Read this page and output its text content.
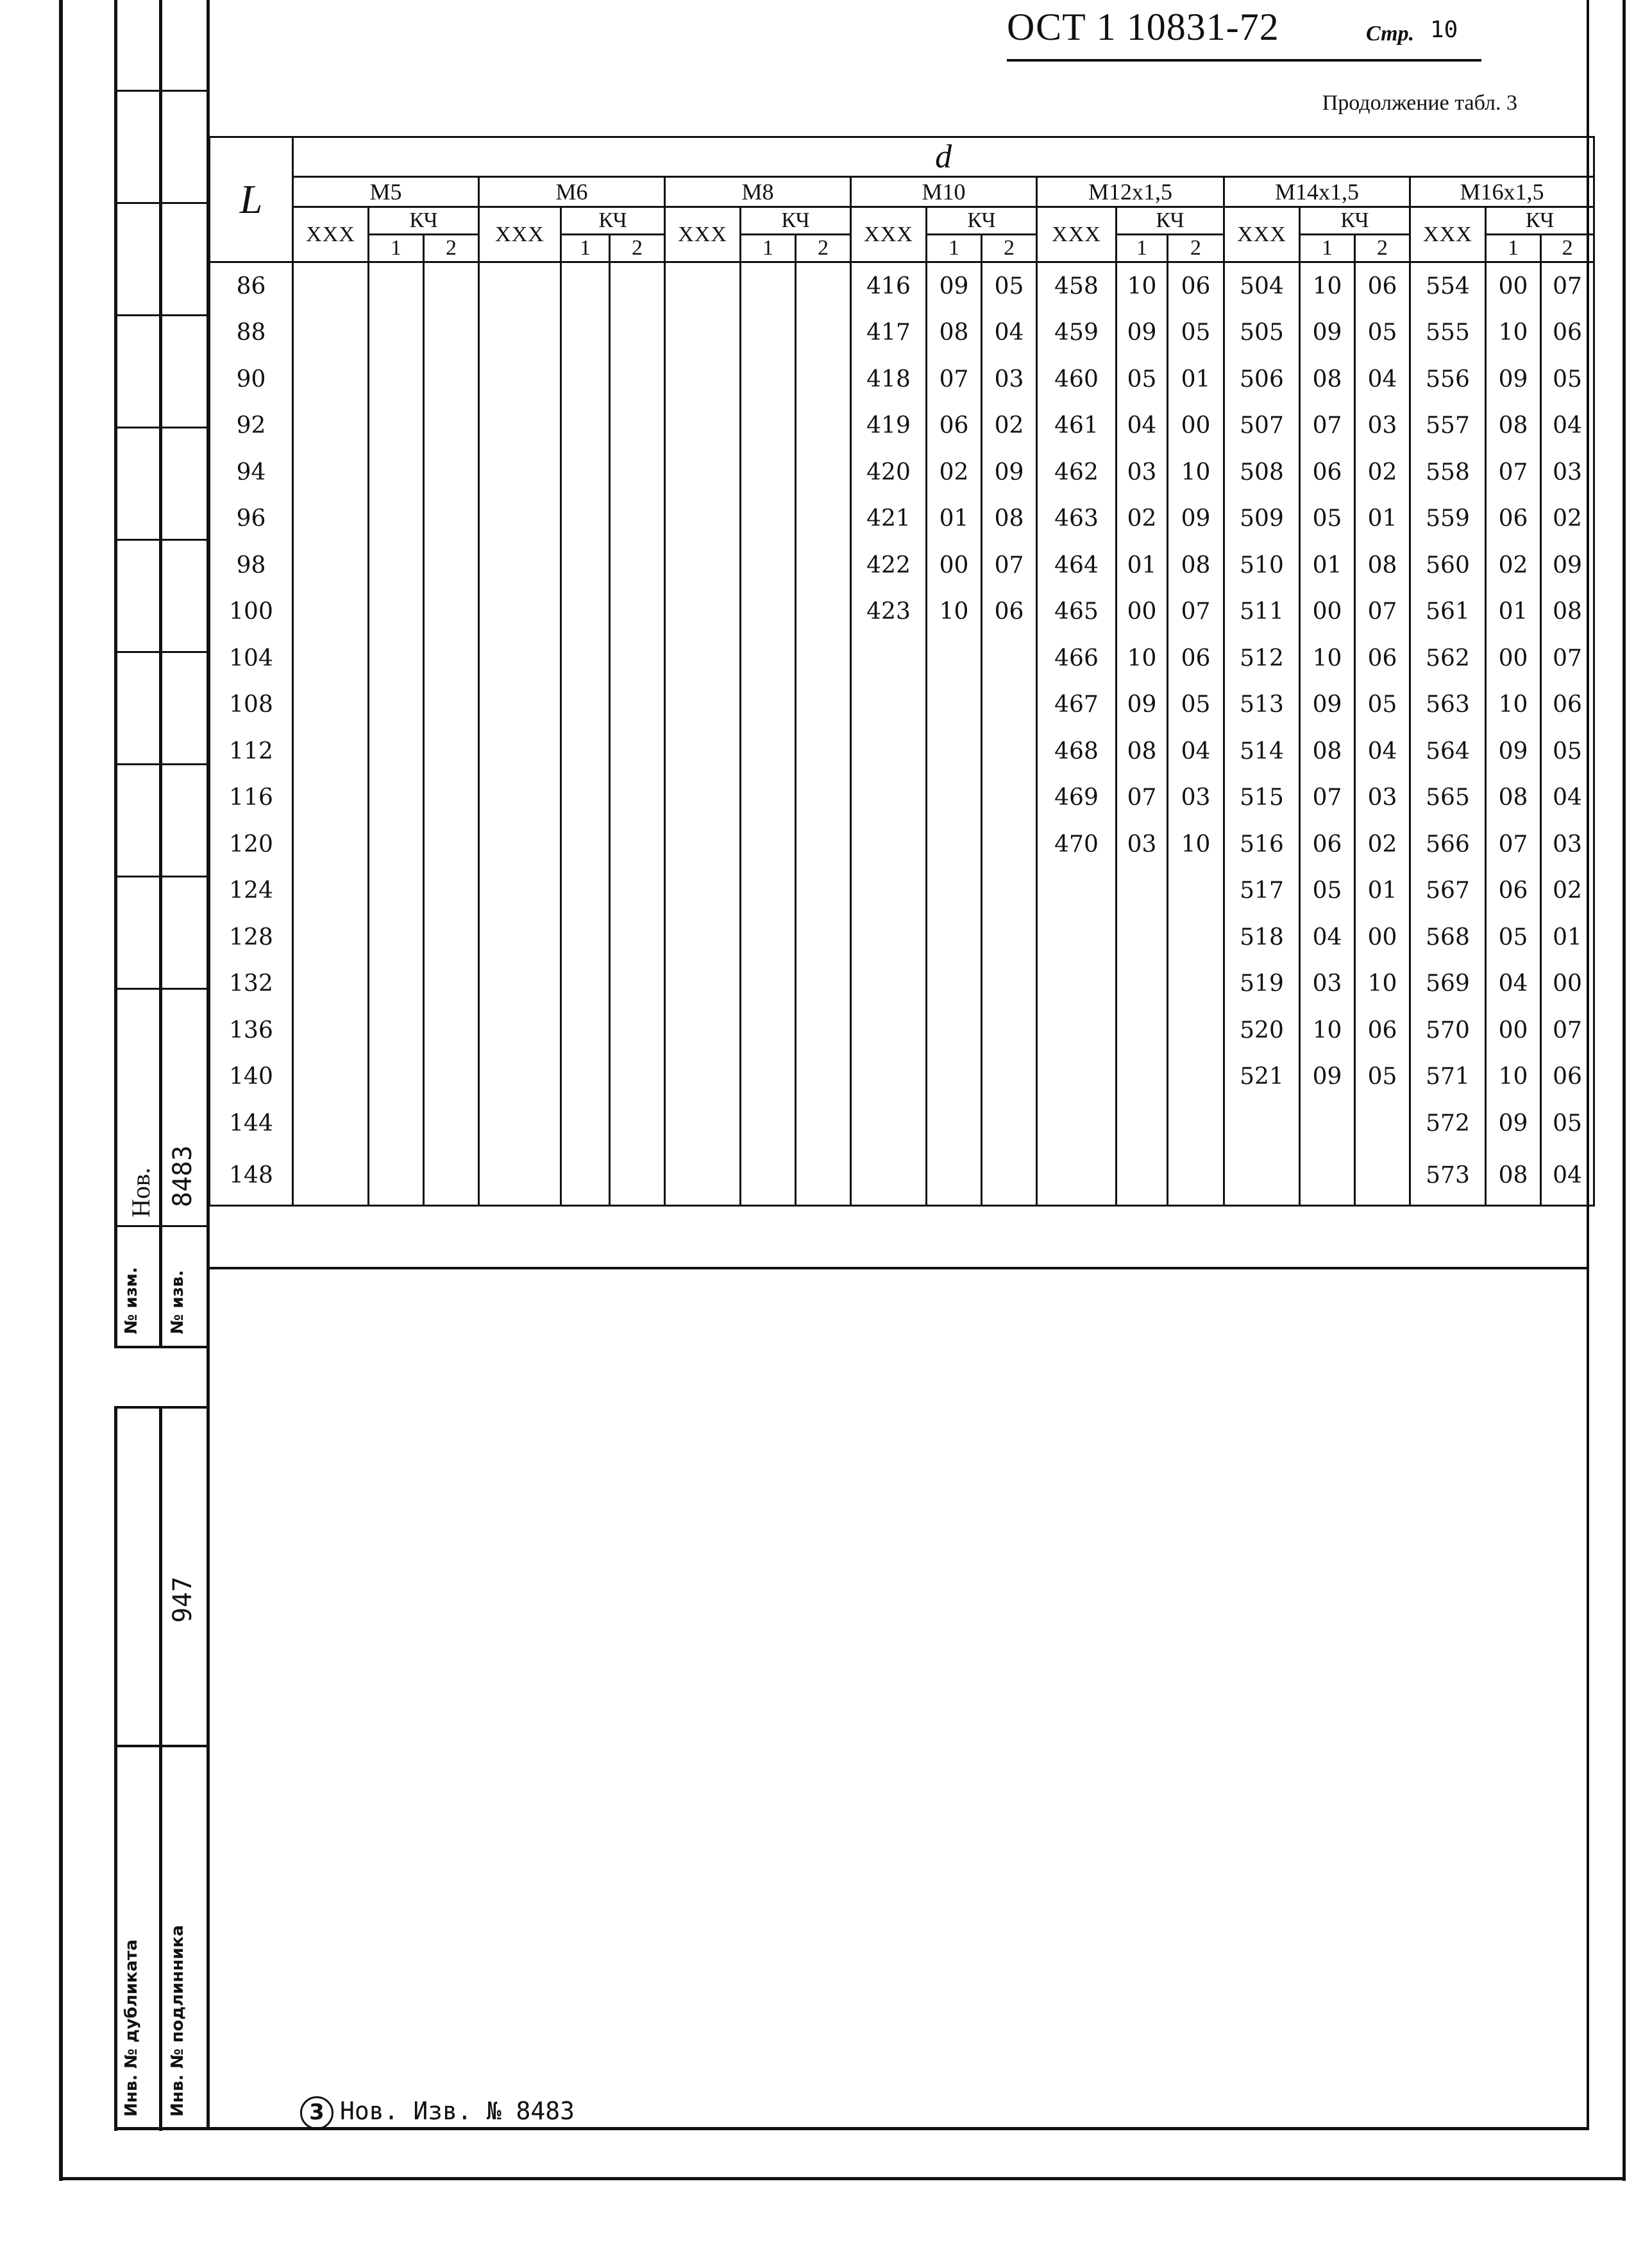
№ изм.
Нов.
№ изв.
8483
Инв. № дубликата Инв. № подлинника
947
ОСТ 1 10831-72	Стр. 10
Продолжение табл. 3
L	d																				
	M5			M6			M8			M10			M12x1,5			M14x1,5			M16x1,5		
	XXX	КЧ		XXX	КЧ		XXX	КЧ		XXX	КЧ		XXX	КЧ		XXX	КЧ		XXX	КЧ	
		1	2		1	2		1	2		1	2		1	2		1	2		1	2
86										416	09	05	458	10	06	504	10	06	554	00	07
88										417	08	04	459	09	05	505	09	05	555	10	06
90										418	07	03	460	05	01	506	08	04	556	09	05
92										419	06	02	461	04	00	507	07	03	557	08	04
94										420	02	09	462	03	10	508	06	02	558	07	03
96										421	01	08	463	02	09	509	05	01	559	06	02
98										422	00	07	464	01	08	510	01	08	560	02	09
100										423	10	06	465	00	07	511	00	07	561	01	08
104													466	10	06	512	10	06	562	00	07
108													467	09	05	513	09	05	563	10	06
112													468	08	04	514	08	04	564	09	05
116													469	07	03	515	07	03	565	08	04
120													470	03	10	516	06	02	566	07	03
124																517	05	01	567	06	02
128																518	04	00	568	05	01
132																519	03	10	569	04	00
136																520	10	06	570	00	07
140																521	09	05	571	10	06
144																			572	09	05
148																			573	08	04
3 Нов. Изв. № 8483
